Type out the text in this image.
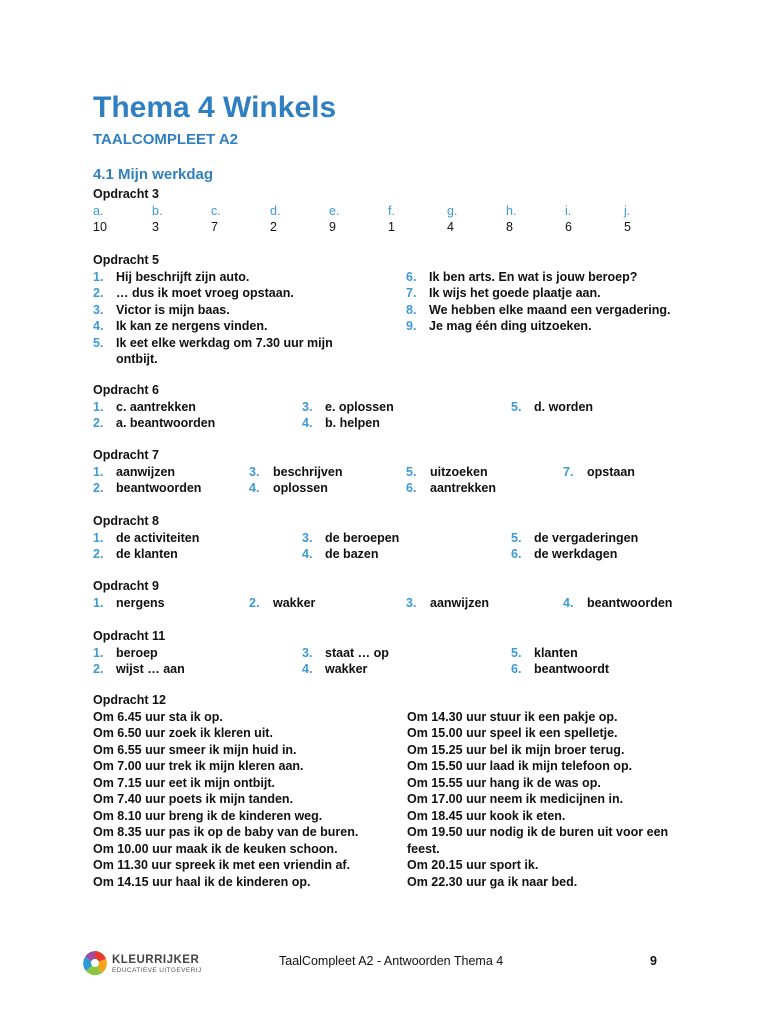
Thema 4 Winkels
TAALCOMPLEET A2
4.1 Mijn werkdag
Opdracht 3
a.	b.	c.	d.	e.	f.	g.	h.	i.	j.
10	3	7	2	9	1	4	8	6	5
Opdracht 5
1. Hij beschrijft zijn auto.	6. Ik ben arts. En wat is jouw beroep?
2. … dus ik moet vroeg opstaan.	7. Ik wijs het goede plaatje aan.
3. Victor is mijn baas.	8. We hebben elke maand een vergadering.
4. Ik kan ze nergens vinden.	9. Je mag één ding uitzoeken.
5. Ik eet elke werkdag om 7.30 uur mijn
ontbijt.
Opdracht 6
1. c. aantrekken	3. e. oplossen	5. d. worden
2. a. beantwoorden	4. b. helpen
Opdracht 7
1. aanwijzen	3. beschrijven	5. uitzoeken	7. opstaan
2. beantwoorden	4. oplossen	6. aantrekken
Opdracht 8
1. de activiteiten	3. de beroepen	5. de vergaderingen
2. de klanten	4. de bazen	6. de werkdagen
Opdracht 9
1. nergens	2. wakker	3. aanwijzen	4. beantwoorden
Opdracht 11
1. beroep	3. staat … op	5. klanten
2. wijst … aan	4. wakker	6. beantwoordt
Opdracht 12
Om 6.45 uur sta ik op.	Om 14.30 uur stuur ik een pakje op.
Om 6.50 uur zoek ik kleren uit.	Om 15.00 uur speel ik een spelletje.
Om 6.55 uur smeer ik mijn huid in.	Om 15.25 uur bel ik mijn broer terug.
Om 7.00 uur trek ik mijn kleren aan.	Om 15.50 uur laad ik mijn telefoon op.
Om 7.15 uur eet ik mijn ontbijt.	Om 15.55 uur hang ik de was op.
Om 7.40 uur poets ik mijn tanden.	Om 17.00 uur neem ik medicijnen in.
Om 8.10 uur breng ik de kinderen weg.	Om 18.45 uur kook ik eten.
Om 8.35 uur pas ik op de baby van de buren.	Om 19.50 uur nodig ik de buren uit voor een
Om 10.00 uur maak ik de keuken schoon.	feest.
Om 11.30 uur spreek ik met een vriendin af.	Om 20.15 uur sport ik.
Om 14.15 uur haal ik de kinderen op.	Om 22.30 uur ga ik naar bed.
KLEURRIJKER
EDUCATIEVE UITGEVERIJ
TaalCompleet A2 - Antwoorden Thema 4	9
